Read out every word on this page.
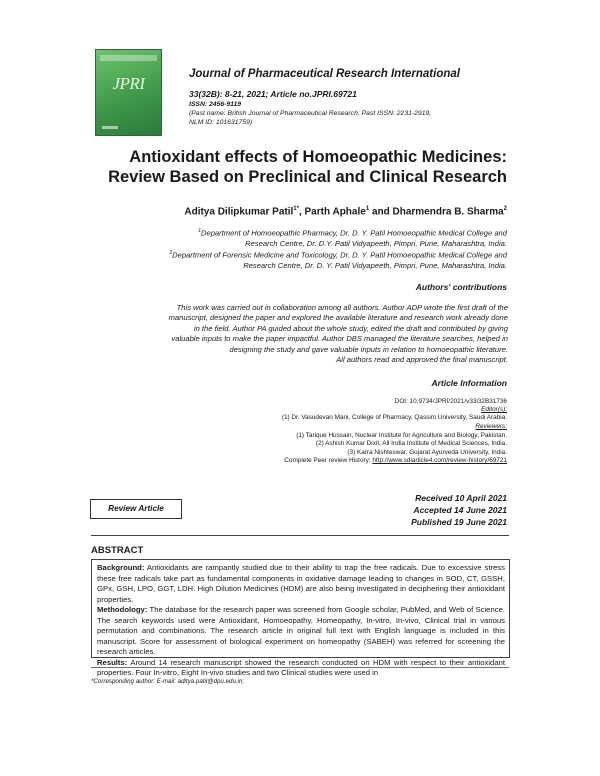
JPRI	Journal of Pharmaceutical Research International
33(32B): 8-21, 2021; Article no.JPRI.69721
ISSN: 2456-9119
(Past name: British Journal of Pharmaceutical Research, Past ISSN: 2231-2919,
NLM ID: 101631759)
Antioxidant effects of Homoeopathic Medicines:
Review Based on Preclinical and Clinical Research
Aditya Dilipkumar Patil$^{1*}$, Parth Aphale$^1$ and Dharmendra B. Sharma$^2$
$^1$Department of Homoeopathic Pharmacy, Dr. D. Y. Patil Homoeopathic Medical College and
Research Centre, Dr. D.Y. Patil Vidyapeeth, Pimpri, Pune, Maharashtra, India.
$^2$Department of Forensic Medicine and Toxicology, Dr. D. Y. Patil Homoeopathic Medical College and
Research Centre, Dr. D. Y. Patil Vidyapeeth, Pimpri, Pune, Maharashtra, India.
Authors' contributions
This work was carried out in collaboration among all authors. Author ADP wrote the first draft of the
manuscript, designed the paper and explored the available literature and research work already done
in the field. Author PA guided about the whole study, edited the draft and contributed by giving
valuable inputs to make the paper impactful. Author DBS managed the literature searches, helped in
designing the study and gave valuable inputs in relation to homoeopathic literature.
All authors read and approved the final manuscript.
Article Information
DOI: 10.9734/JPRI/2021/v33i32B31736
Editor(s):
(1) Dr. Vasudevan Mani, College of Pharmacy, Qassim University, Saudi Arabia.
Reviewers:
(1) Tarique Hussain, Nuclear Institute for Agriculture and Biology, Pakistan.
(2) Ashish Kumar Dixit, All India Institute of Medical Sciences, India.
(3) Karra Nishteswar, Gujarat Ayurveda University, India.
Complete Peer review History: http://www.sdiarticle4.com/review-history/69721
Review Article
Received 10 April 2021
Accepted 14 June 2021
Published 19 June 2021
ABSTRACT

Background: Antioxidants are rampantly studied due to their ability to trap the free radicals. Due to excessive stress these free radicals take part as fundamental components in oxidative damage leading to changes in SOD, CT, GSSH, GPx, GSH, LPO, GGT, LDH. High Dilution Medicines (HDM) are also being investigated in deciphering their antioxidant properties.

Methodology: The database for the research paper was screened from Google scholar, PubMed, and Web of Science. The search keywords used were Antioxidant, Homoeopathy, Homeopathy, In-vitro, In-vivo, Clinical trial in various permutation and combinations. The research article in original full text with English language is included in this manuscript. Score for assessment of biological experiment on homeopathy (SABEH) was referred for screening the research articles.

Results: Around 14 research manuscript showed the research conducted on HDM with respect to their antioxidant properties. Four In-vitro, Eight In-vivo studies and two Clinical studies were used in

*Corresponding author: E-mail: aditya.patil@dpu.edu.in;
